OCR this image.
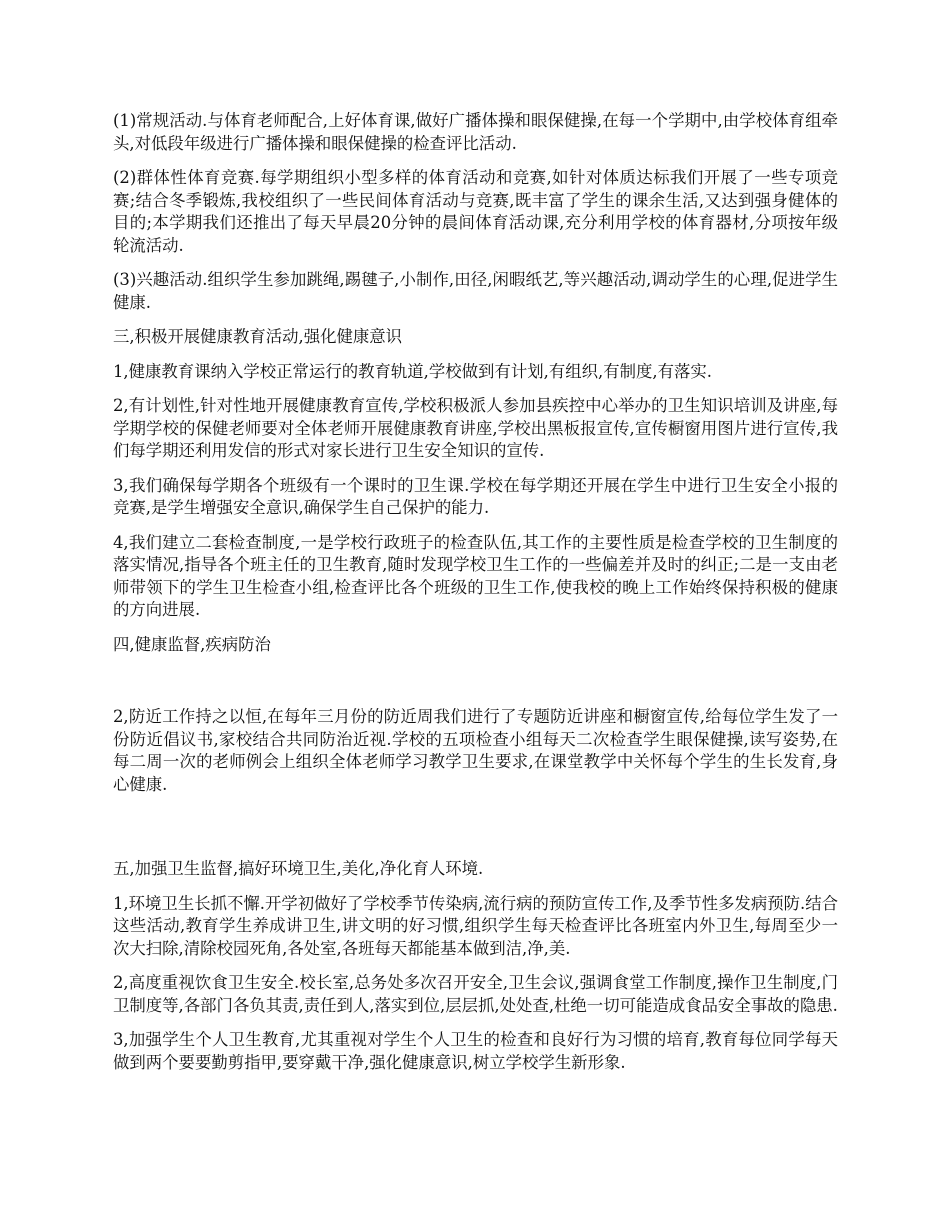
(1)常规活动.与体育老师配合,上好体育课,做好广播体操和眼保健操,在每一个学期中,由学校体育组牵头,对低段年级进行广播体操和眼保健操的检查评比活动.

(2)群体性体育竞赛.每学期组织小型多样的体育活动和竞赛,如针对体质达标我们开展了一些专项竞赛;结合冬季锻炼,我校组织了一些民间体育活动与竞赛,既丰富了学生的课余生活,又达到强身健体的目的;本学期我们还推出了每天早晨20分钟的晨间体育活动课,充分利用学校的体育器材,分项按年级轮流活动.

(3)兴趣活动.组织学生参加跳绳,踢毽子,小制作,田径,闲暇纸艺,等兴趣活动,调动学生的心理,促进学生健康.

三,积极开展健康教育活动,强化健康意识

1,健康教育课纳入学校正常运行的教育轨道,学校做到有计划,有组织,有制度,有落实.

2,有计划性,针对性地开展健康教育宣传,学校积极派人参加县疾控中心举办的卫生知识培训及讲座,每学期学校的保健老师要对全体老师开展健康教育讲座,学校出黑板报宣传,宣传橱窗用图片进行宣传,我们每学期还利用发信的形式对家长进行卫生安全知识的宣传.

3,我们确保每学期各个班级有一个课时的卫生课.学校在每学期还开展在学生中进行卫生安全小报的竞赛,是学生增强安全意识,确保学生自己保护的能力.

4,我们建立二套检查制度,一是学校行政班子的检查队伍,其工作的主要性质是检查学校的卫生制度的落实情况,指导各个班主任的卫生教育,随时发现学校卫生工作的一些偏差并及时的纠正;二是一支由老师带领下的学生卫生检查小组,检查评比各个班级的卫生工作,使我校的晚上工作始终保持积极的健康的方向进展.

四,健康监督,疾病防治

2,防近工作持之以恒,在每年三月份的防近周我们进行了专题防近讲座和橱窗宣传,给每位学生发了一份防近倡议书,家校结合共同防治近视.学校的五项检查小组每天二次检查学生眼保健操,读写姿势,在每二周一次的老师例会上组织全体老师学习教学卫生要求,在课堂教学中关怀每个学生的生长发育,身心健康.

五,加强卫生监督,搞好环境卫生,美化,净化育人环境.

1,环境卫生长抓不懈.开学初做好了学校季节传染病,流行病的预防宣传工作,及季节性多发病预防.结合这些活动,教育学生养成讲卫生,讲文明的好习惯,组织学生每天检查评比各班室内外卫生,每周至少一次大扫除,清除校园死角,各处室,各班每天都能基本做到洁,净,美.

2,高度重视饮食卫生安全.校长室,总务处多次召开安全,卫生会议,强调食堂工作制度,操作卫生制度,门卫制度等,各部门各负其责,责任到人,落实到位,层层抓,处处查,杜绝一切可能造成食品安全事故的隐患.

3,加强学生个人卫生教育,尤其重视对学生个人卫生的检查和良好行为习惯的培育,教育每位同学每天做到两个要要勤剪指甲,要穿戴干净,强化健康意识,树立学校学生新形象.
